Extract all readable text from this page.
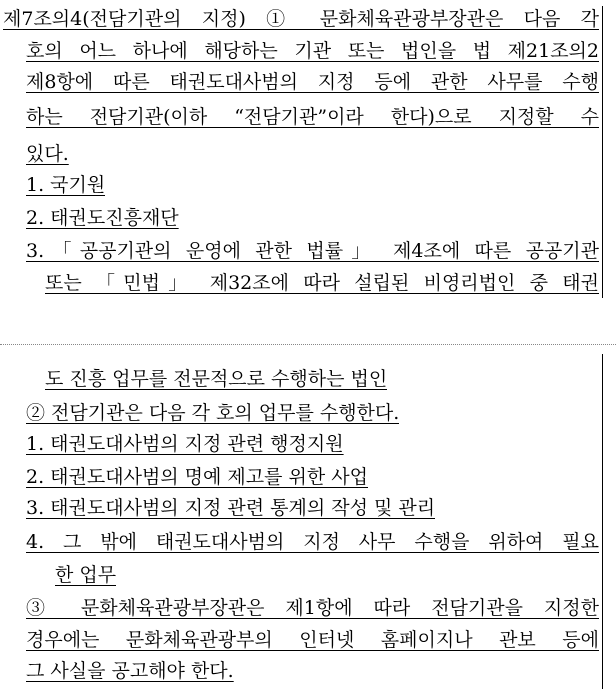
제7조의4(전담기관의 지정) ① 문화체육관광부장관은 다음 각
호의 어느 하나에 해당하는 기관 또는 법인을 법 제21조의2
제8항에 따른 태권도대사범의 지정 등에 관한 사무를 수행
하는 전담기관(이하 “전담기관”이라 한다)으로 지정할 수
있다.
1. 국기원
2. 태권도진흥재단
3.「공공기관의 운영에 관한 법률」 제4조에 따른 공공기관
또는 「민법」 제32조에 따라 설립된 비영리법인 중 태권
도 진흥 업무를 전문적으로 수행하는 법인
② 전담기관은 다음 각 호의 업무를 수행한다.
1. 태권도대사범의 지정 관련 행정지원
2. 태권도대사범의 명예 제고를 위한 사업
3. 태권도대사범의 지정 관련 통계의 작성 및 관리
4. 그 밖에 태권도대사범의 지정 사무 수행을 위하여 필요
한 업무
③ 문화체육관광부장관은 제1항에 따라 전담기관을 지정한
경우에는 문화체육관광부의 인터넷 홈페이지나 관보 등에
그 사실을 공고해야 한다.
